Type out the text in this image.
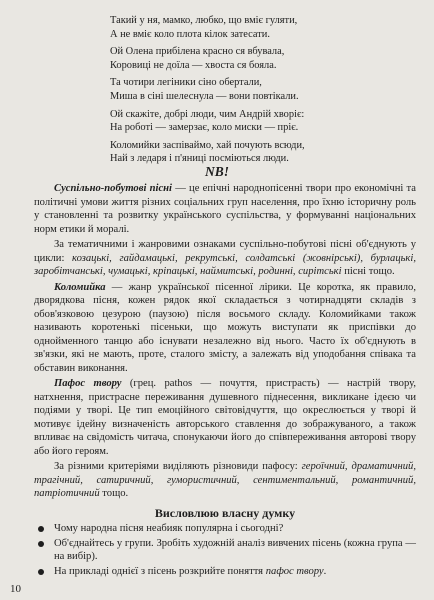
Такий у ня, мамко, любко, що вміє гуляти,
А не вміє коло плота кілок затесати.
Ой Олена прибілена красно ся вбувала,
Коровиці не доїла — хвоста ся бояла.
Та чотири легіники сіно обертали,
Миша в сіні шелеснула — вони повтікали.
Ой скажіте, добрі люди, чим Андрій хворіє:
На роботі — замерзає, коло миски — пріє.
Коломийки заспіваймо, хай почують всюди,
Най з ледаря і п'яниці посміються люди.
NB!

Суспільно-побутові пісні — це епічні народнопісенні твори про економічні та політичні умови життя різних соціальних груп населення, про їхню історичну роль у становленні та розвитку українського суспільства, у формуванні національних норм етики й моралі.

За тематичними і жанровими ознаками суспільно-побутові пісні об'єднують у цикли: козацькі, гайдамацькі, рекрутські, солдатські (жовнірські), бурлацькі, заробітчанські, чумацькі, кріпацькі, наймитські, родинні, сирітські пісні тощо.

Коломийка — жанр української пісенної лірики. Це коротка, як правило, дворядкова пісня, кожен рядок якої складається з чотирнадцяти складів з обов'язковою цезурою (паузою) після восьмого складу. Коломийками також називають коротенькі пісеньки, що можуть виступати як приспівки до однойменного танцю або існувати незалежно від нього. Часто їх об'єднують в зв'язки, які не мають, проте, сталого змісту, а залежать від уподобання співака та обставин виконання.

Пафос твору (грец. pathos — почуття, пристрасть) — настрій твору, натхнення, пристрасне переживання душевного піднесення, викликане ідеєю чи подіями у творі. Це тип емоційного світовідчуття, що окреслюється у творі й мотивує ідейну визначеність авторського ставлення до зображуваного, а також впливає на свідомість читача, спонукаючи його до співпереживання авторові твору або його героям.

За різними критеріями виділяють різновиди пафосу: героїчний, драматичний, трагічний, сатиричний, гумористичний, сентиментальний, романтичний, патріотичний тощо.

Висловлюю власну думку
Чому народна пісня неабияк популярна і сьогодні?
Об'єднайтесь у групи. Зробіть художній аналіз вивчених пісень (кожна група — на вибір).
На прикладі однієї з пісень розкрийте поняття пафос твору.
10
